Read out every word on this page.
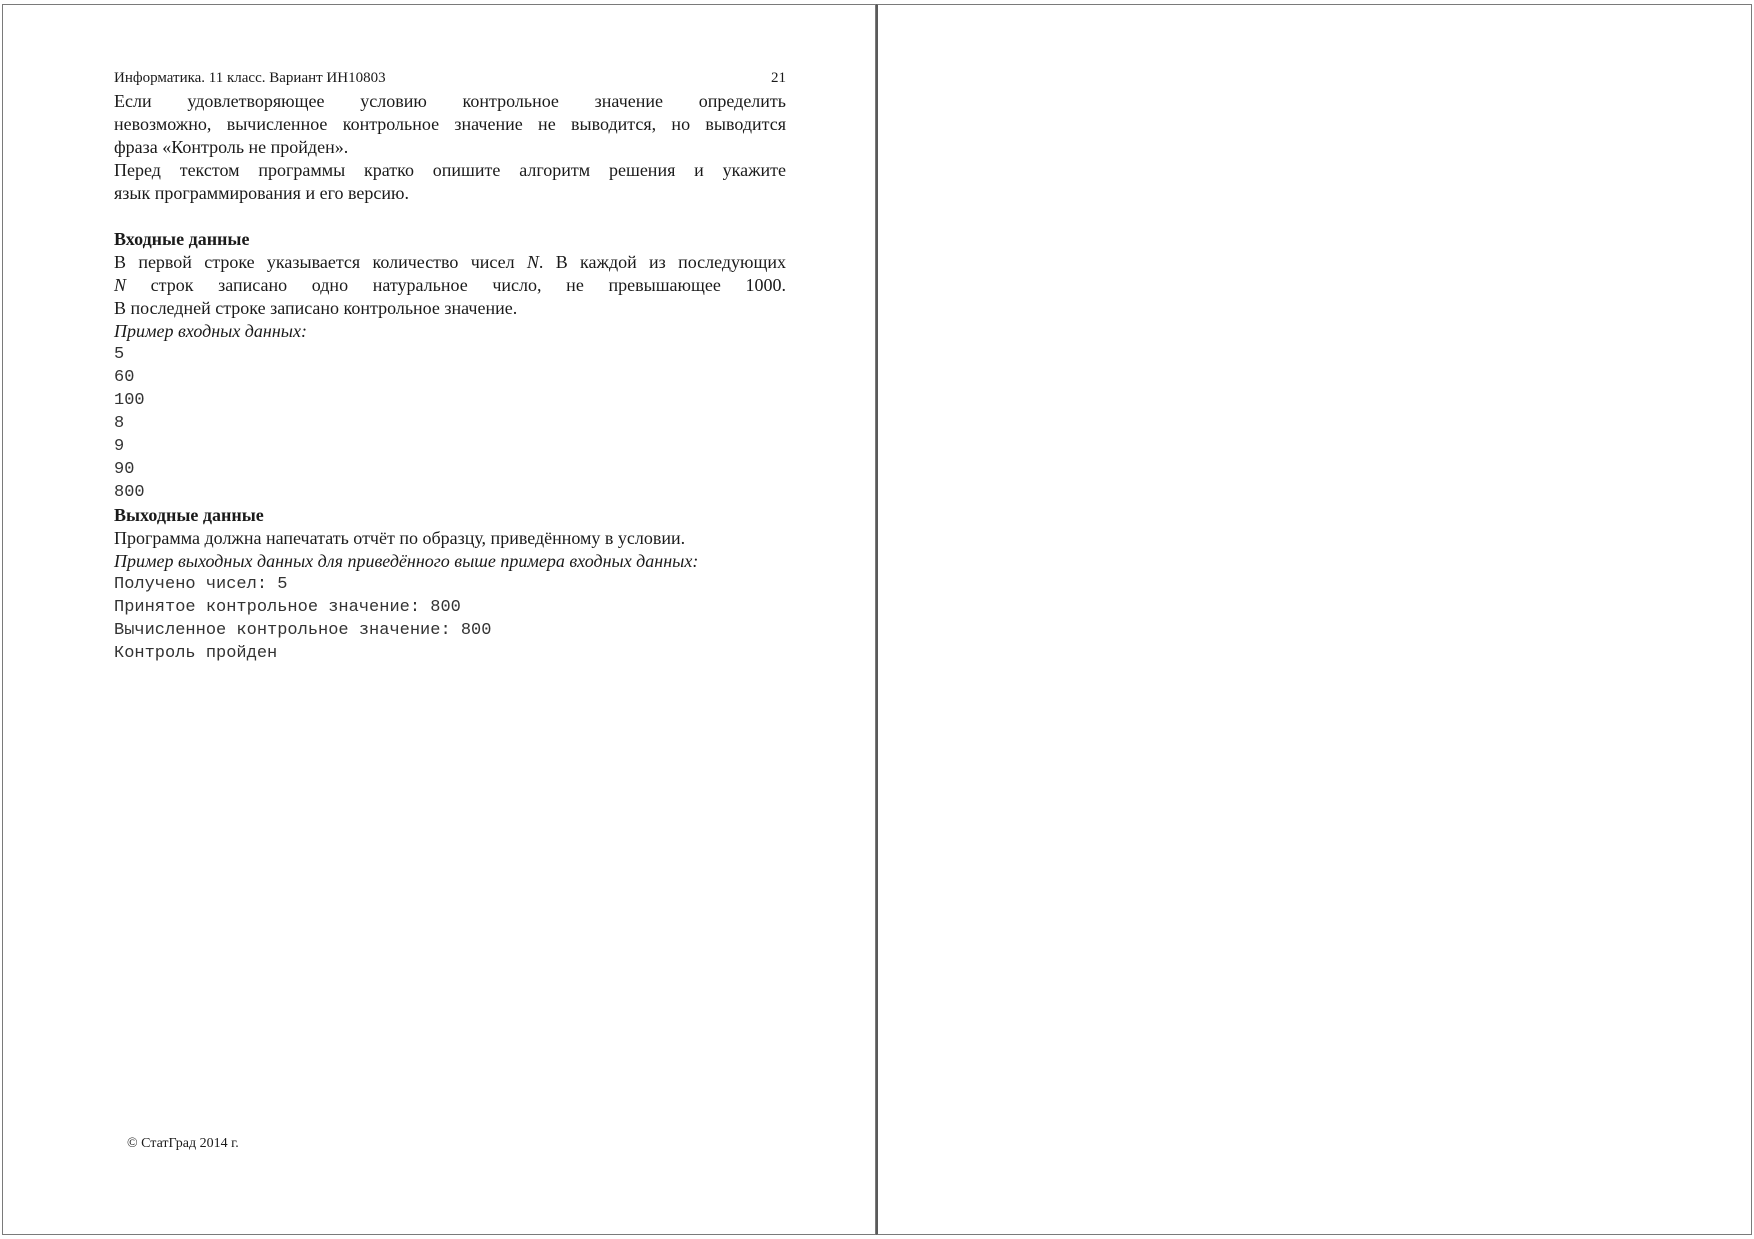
Информатика. 11 класс. Вариант ИН10803	21
Если удовлетворяющее условию контрольное значение определить
невозможно, вычисленное контрольное значение не выводится, но выводится
фраза «Контроль не пройден».
Перед текстом программы кратко опишите алгоритм решения и укажите
язык программирования и его версию.

Входные данные

В первой строке указывается количество чисел N. В каждой из последующих
N строк записано одно натуральное число, не превышающее 1000.
В последней строке записано контрольное значение.

Пример входных данных:

5

60

100

8

9

90

800

Выходные данные

Программа должна напечатать отчёт по образцу, приведённому в условии.

Пример выходных данных для приведённого выше примера входных данных:

Получено чисел: 5

Принятое контрольное значение: 800

Вычисленное контрольное значение: 800

Контроль пройден

© СтатГрад 2014 г.
